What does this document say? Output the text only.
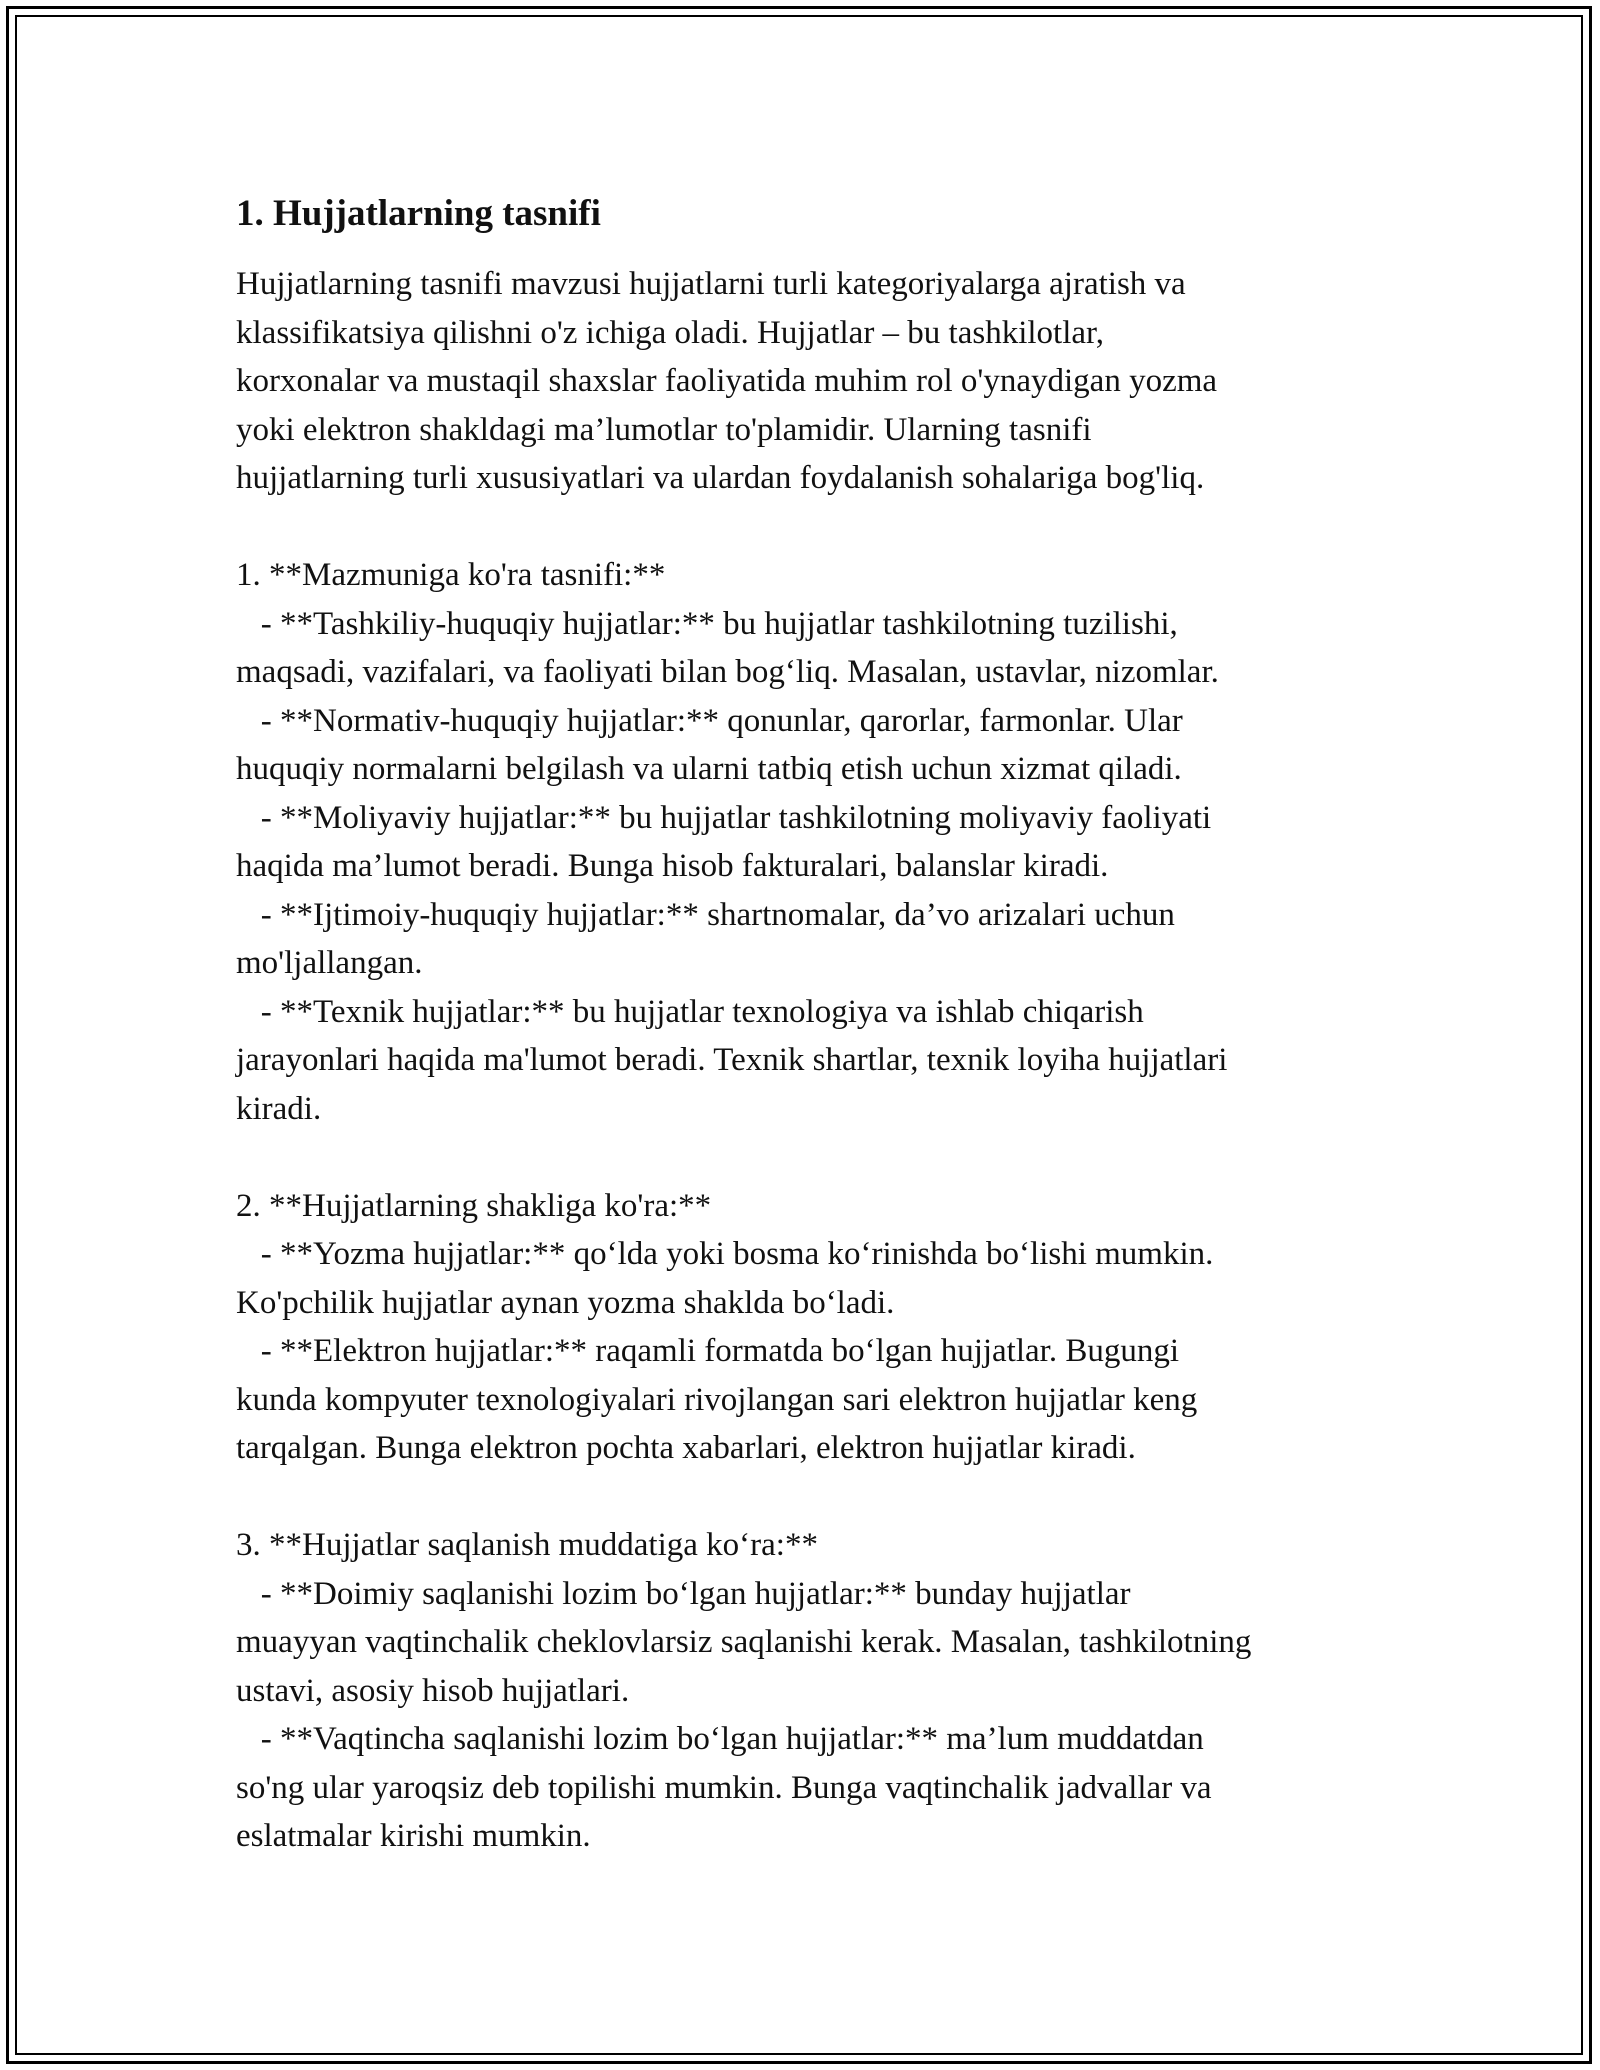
1. Hujjatlarning tasnifi

Hujjatlarning tasnifi mavzusi hujjatlarni turli kategoriyalarga ajratish va
klassifikatsiya qilishni o'z ichiga oladi. Hujjatlar – bu tashkilotlar,
korxonalar va mustaqil shaxslar faoliyatida muhim rol o'ynaydigan yozma
yoki elektron shakldagi ma’lumotlar to'plamidir. Ularning tasnifi
hujjatlarning turli xususiyatlari va ulardan foydalanish sohalariga bog'liq.

1. **Mazmuniga ko'ra tasnifi:**
- **Tashkiliy-huquqiy hujjatlar:** bu hujjatlar tashkilotning tuzilishi,
maqsadi, vazifalari, va faoliyati bilan bog‘liq. Masalan, ustavlar, nizomlar.
- **Normativ-huquqiy hujjatlar:** qonunlar, qarorlar, farmonlar. Ular
huquqiy normalarni belgilash va ularni tatbiq etish uchun xizmat qiladi.
- **Moliyaviy hujjatlar:** bu hujjatlar tashkilotning moliyaviy faoliyati
haqida ma’lumot beradi. Bunga hisob fakturalari, balanslar kiradi.
- **Ijtimoiy-huquqiy hujjatlar:** shartnomalar, da’vo arizalari uchun
mo'ljallangan.
- **Texnik hujjatlar:** bu hujjatlar texnologiya va ishlab chiqarish
jarayonlari haqida ma'lumot beradi. Texnik shartlar, texnik loyiha hujjatlari
kiradi.

2. **Hujjatlarning shakliga ko'ra:**
- **Yozma hujjatlar:** qo‘lda yoki bosma ko‘rinishda bo‘lishi mumkin.
Ko'pchilik hujjatlar aynan yozma shaklda bo‘ladi.
- **Elektron hujjatlar:** raqamli formatda bo‘lgan hujjatlar. Bugungi
kunda kompyuter texnologiyalari rivojlangan sari elektron hujjatlar keng
tarqalgan. Bunga elektron pochta xabarlari, elektron hujjatlar kiradi.

3. **Hujjatlar saqlanish muddatiga ko‘ra:**
- **Doimiy saqlanishi lozim bo‘lgan hujjatlar:** bunday hujjatlar
muayyan vaqtinchalik cheklovlarsiz saqlanishi kerak. Masalan, tashkilotning
ustavi, asosiy hisob hujjatlari.
- **Vaqtincha saqlanishi lozim bo‘lgan hujjatlar:** ma’lum muddatdan
so'ng ular yaroqsiz deb topilishi mumkin. Bunga vaqtinchalik jadvallar va
eslatmalar kirishi mumkin.
